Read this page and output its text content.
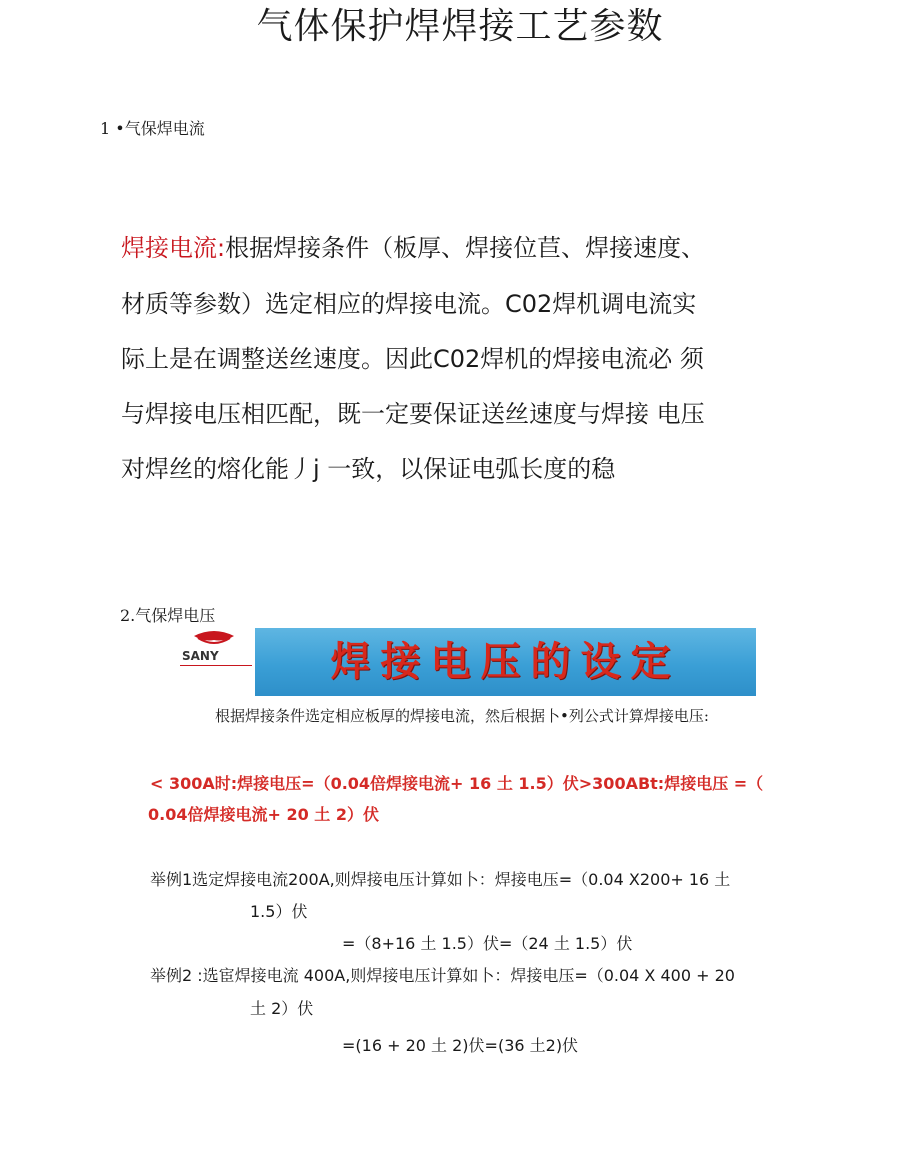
气体保护焊焊接工艺参数
1 •气保焊电流
焊接电流:根据焊接条件（板厚、焊接位苣、焊接速度、
材质等参数）选定相应的焊接电流。C02焊机调电流实
际上是在调整送丝速度。因此C02焊机的焊接电流必 须
与焊接电压相匹配，既一定要保证送丝速度与焊接 电压
对焊丝的熔化能丿j 一致，以保证电弧长度的稳
2.气保焊电压
SANY	焊接电压的设定
根据焊接条件选定相应板厚的焊接电流，然后根据卜•列公式计算焊接电压:
< 300A时:焊接电压=（0.04倍焊接电流+ 16 土 1.5）伏>300ABt:焊接电压 =（
0.04倍焊接电流+ 20 土 2）伏
举例1选定焊接电流200A,则焊接电压计算如卜：焊接电压=（0.04 X200+ 16 土
1.5）伏
=（8+16 土 1.5）伏=（24 土 1.5）伏
举例2 :选宦焊接电流 400A,则焊接电压计算如卜：焊接电压=（0.04 X 400 + 20
土 2）伏
=(16 + 20 土 2)伏=(36 土2)伏
